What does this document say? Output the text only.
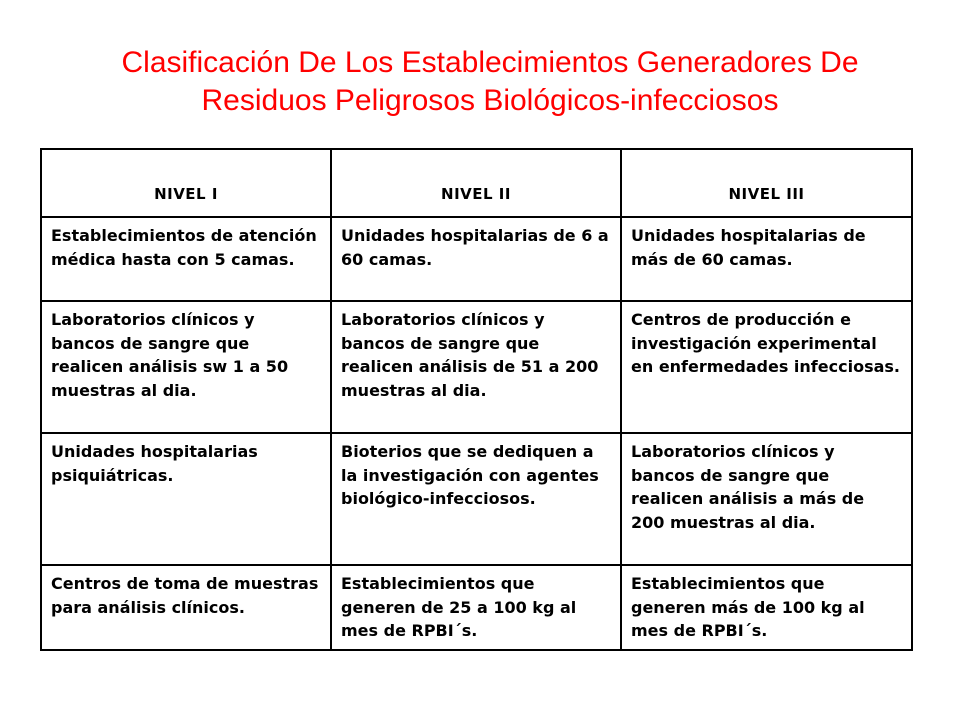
Clasificación De Los Establecimientos Generadores De
Residuos Peligrosos Biológicos-infecciosos
NIVEL I	NIVEL II	NIVEL III
Establecimientos de atención médica hasta con 5 camas.	Unidades hospitalarias de 6 a 60 camas.	Unidades hospitalarias de más de 60 camas.
Laboratorios clínicos y bancos de sangre que realicen análisis sw 1 a 50 muestras al dia.	Laboratorios clínicos y bancos de sangre que realicen análisis de 51 a 200 muestras al dia.	Centros de producción e investigación experimental en enfermedades infecciosas.
Unidades hospitalarias psiquiátricas.	Bioterios que se dediquen a la investigación con agentes biológico-infecciosos.	Laboratorios clínicos y bancos de sangre que realicen análisis a más de 200 muestras al dia.
Centros de toma de muestras para análisis clínicos.	Establecimientos que generen de 25 a 100 kg al mes de RPBI´s.	Establecimientos que generen más de 100 kg al mes de RPBI´s.
